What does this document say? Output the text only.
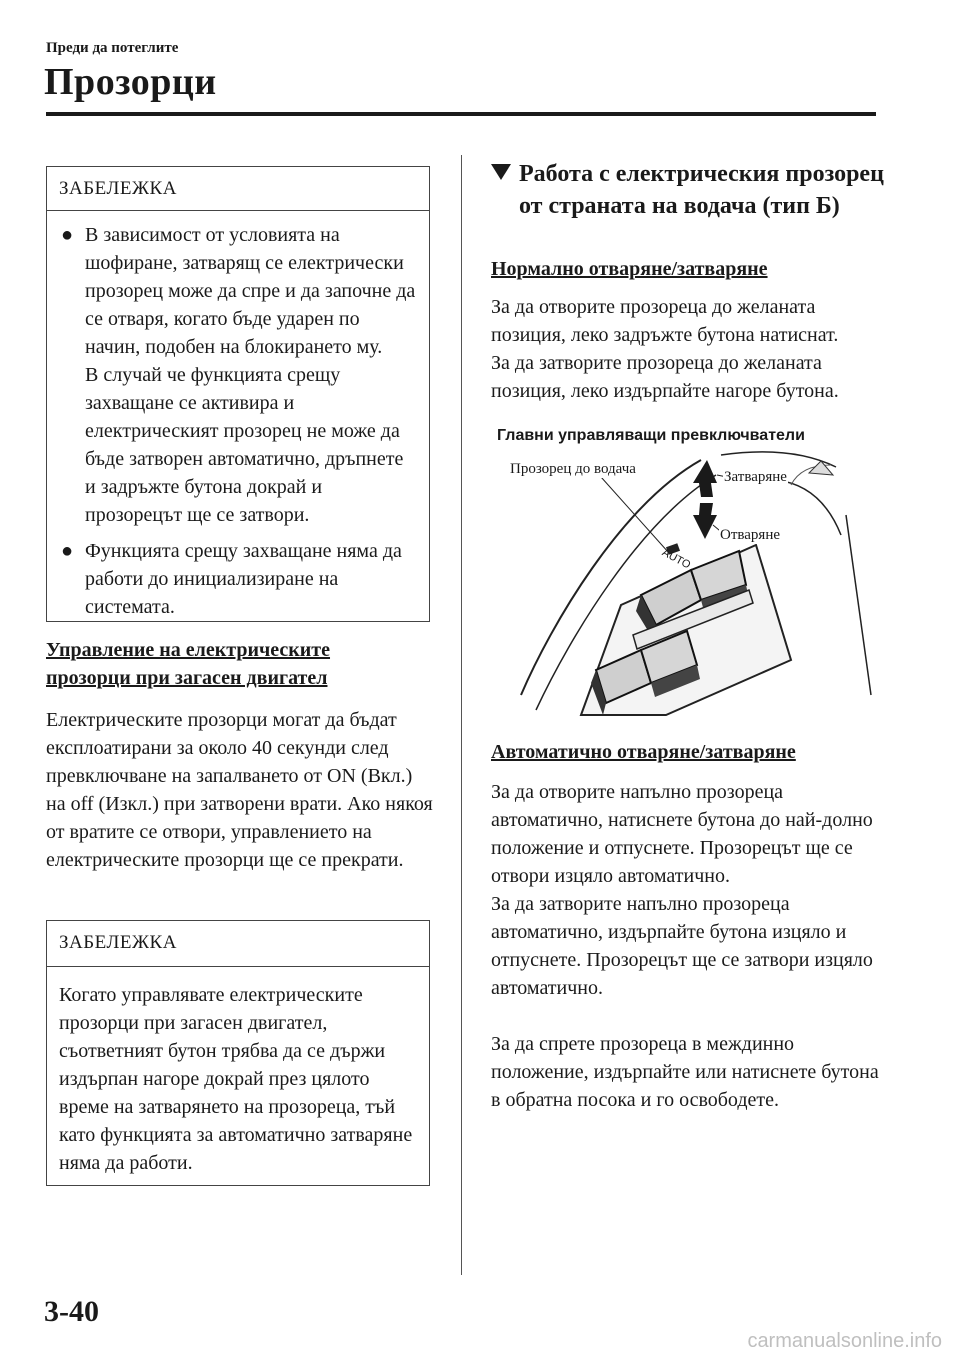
Преди да потеглите
Прозорци
ЗАБЕЛЕЖКА
● В зависимост от условията на шофиране, затварящ се електрически прозорец може да спре и да започне да се отваря, когато бъде ударен по начин, подобен на блокирането му.
В случай че функцията срещу захващане се активира и електрическият прозорец не може да бъде затворен автоматично, дръпнете и задръжте бутона докрай и прозорецът ще се затвори.
● Функцията срещу захващане няма да работи до инициализиране на системата.
Управление на електрическите
прозорци при загасен двигател
Електрическите прозорци могат да бъдат експлоатирани за около 40 секунди след превключване на запалването от ON (Вкл.) на off (Изкл.) при затворени врати. Ако някоя от вратите се отвори, управлението на електрическите прозорци ще се прекрати.
ЗАБЕЛЕЖКА
Когато управлявате електрическите прозорци при загасен двигател, съответният бутон трябва да се държи издърпан нагоре докрай през цялото време на затварянето на прозореца, тъй като функцията за автоматично затваряне няма да работи.
Работа с електрическия прозорец от страната на водача (тип Б)
Нормално отваряне/затваряне
За да отворите прозореца до желаната позиция, леко задръжте бутона натиснат.
За да затворите прозореца до желаната позиция, леко издърпайте нагоре бутона.
Главни управляващи превключватели
Прозорец до водача	Затваряне
Отваряне
AUTO
Автоматично отваряне/затваряне
За да отворите напълно прозореца автоматично, натиснете бутона до най-долно положение и отпуснете. Прозорецът ще се отвори изцяло автоматично.
За да затворите напълно прозореца автоматично, издърпайте бутона изцяло и отпуснете. Прозорецът ще се затвори изцяло автоматично.
За да спрете прозореца в междинно положение, издърпайте или натиснете бутона в обратна посока и го освободете.
3-40
carmanualsonline.info
